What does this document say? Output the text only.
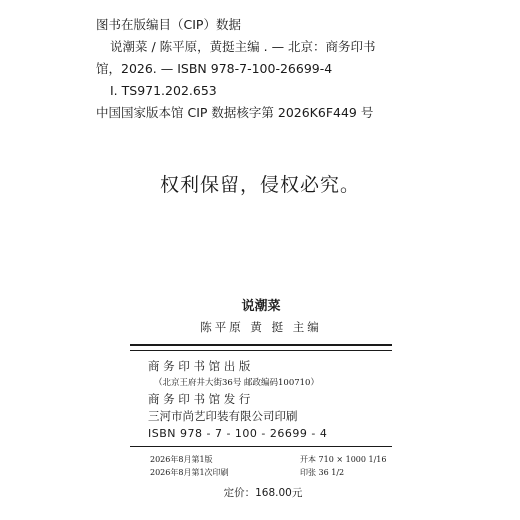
图书在版编目（CIP）数据

说潮菜 / 陈平原，黄挺主编 . — 北京：商务印书

馆，2026. — ISBN 978-7-100-26699-4

Ⅰ. TS971.202.653

中国国家版本馆 CIP 数据核字第 2026K6F449 号

权利保留，侵权必究。

说潮菜

陈平原 黄 挺 主编

商 务 印 书 馆 出 版

（北京王府井大街36号 邮政编码100710）

商 务 印 书 馆 发 行

三河市尚艺印装有限公司印刷

ISBN 978 - 7 - 100 - 26699 - 4

2026年8月第1版	开本 710 × 1000 1/16
2026年8月第1次印刷	印张 36 1/2
定价：168.00元
